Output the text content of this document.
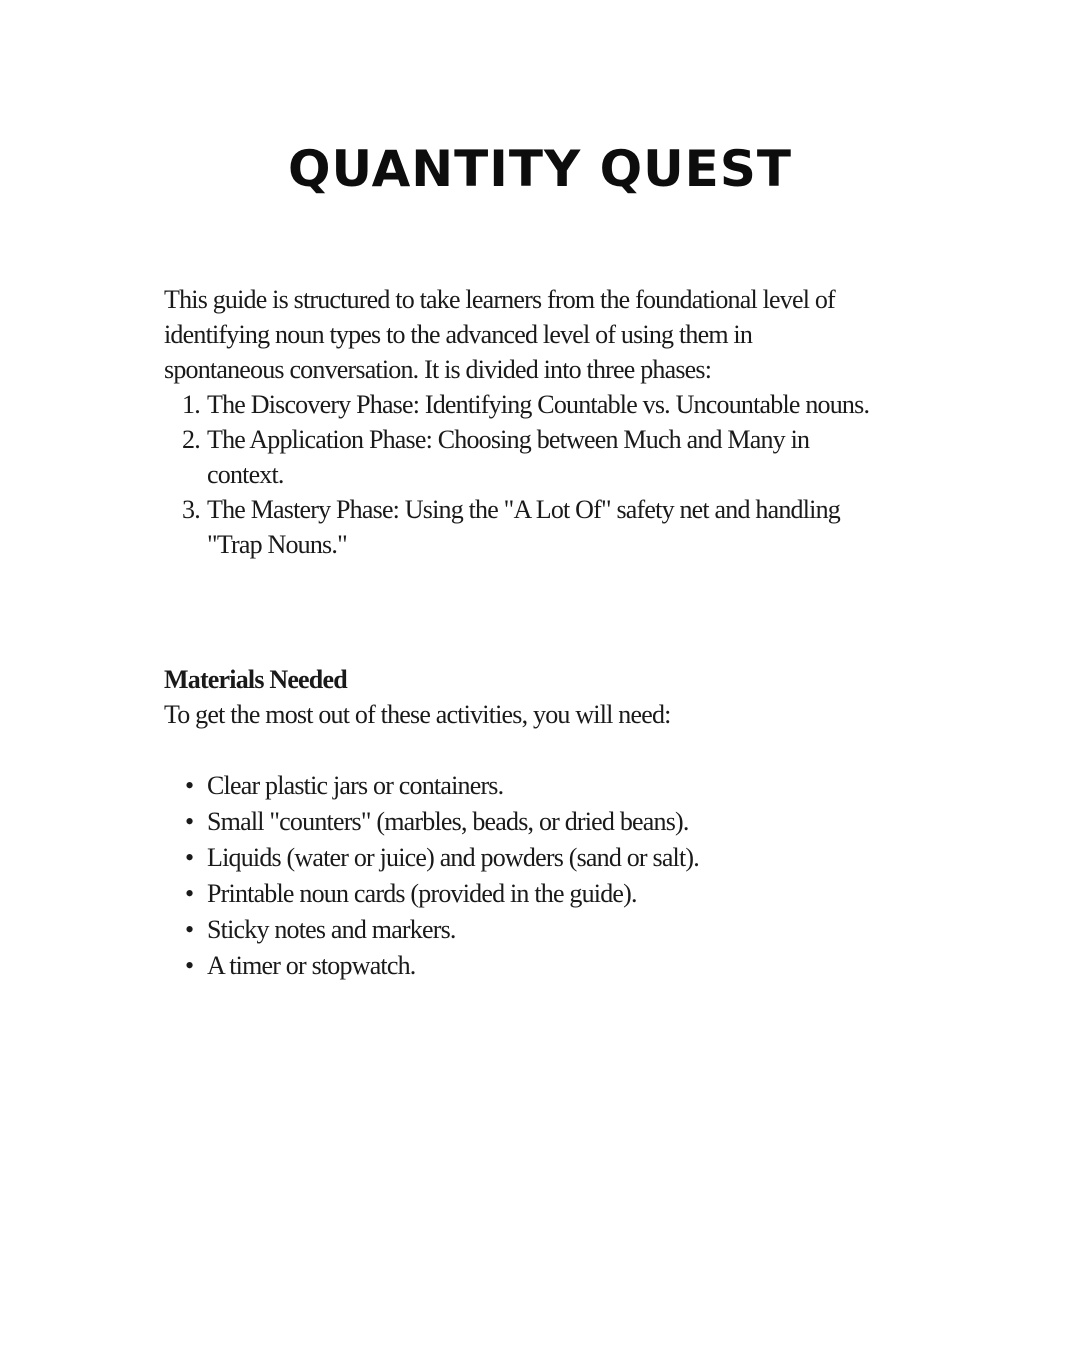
QUANTITY QUEST

This guide is structured to take learners from the foundational level of
identifying noun types to the advanced level of using them in
spontaneous conversation. It is divided into three phases:

1. The Discovery Phase: Identifying Countable vs. Uncountable nouns.
2. The Application Phase: Choosing between Much and Many in
context.
3. The Mastery Phase: Using the "A Lot Of" safety net and handling
"Trap Nouns."

Materials Needed

To get the most out of these activities, you will need:

• Clear plastic jars or containers.
• Small "counters" (marbles, beads, or dried beans).
• Liquids (water or juice) and powders (sand or salt).
• Printable noun cards (provided in the guide).
• Sticky notes and markers.
• A timer or stopwatch.
